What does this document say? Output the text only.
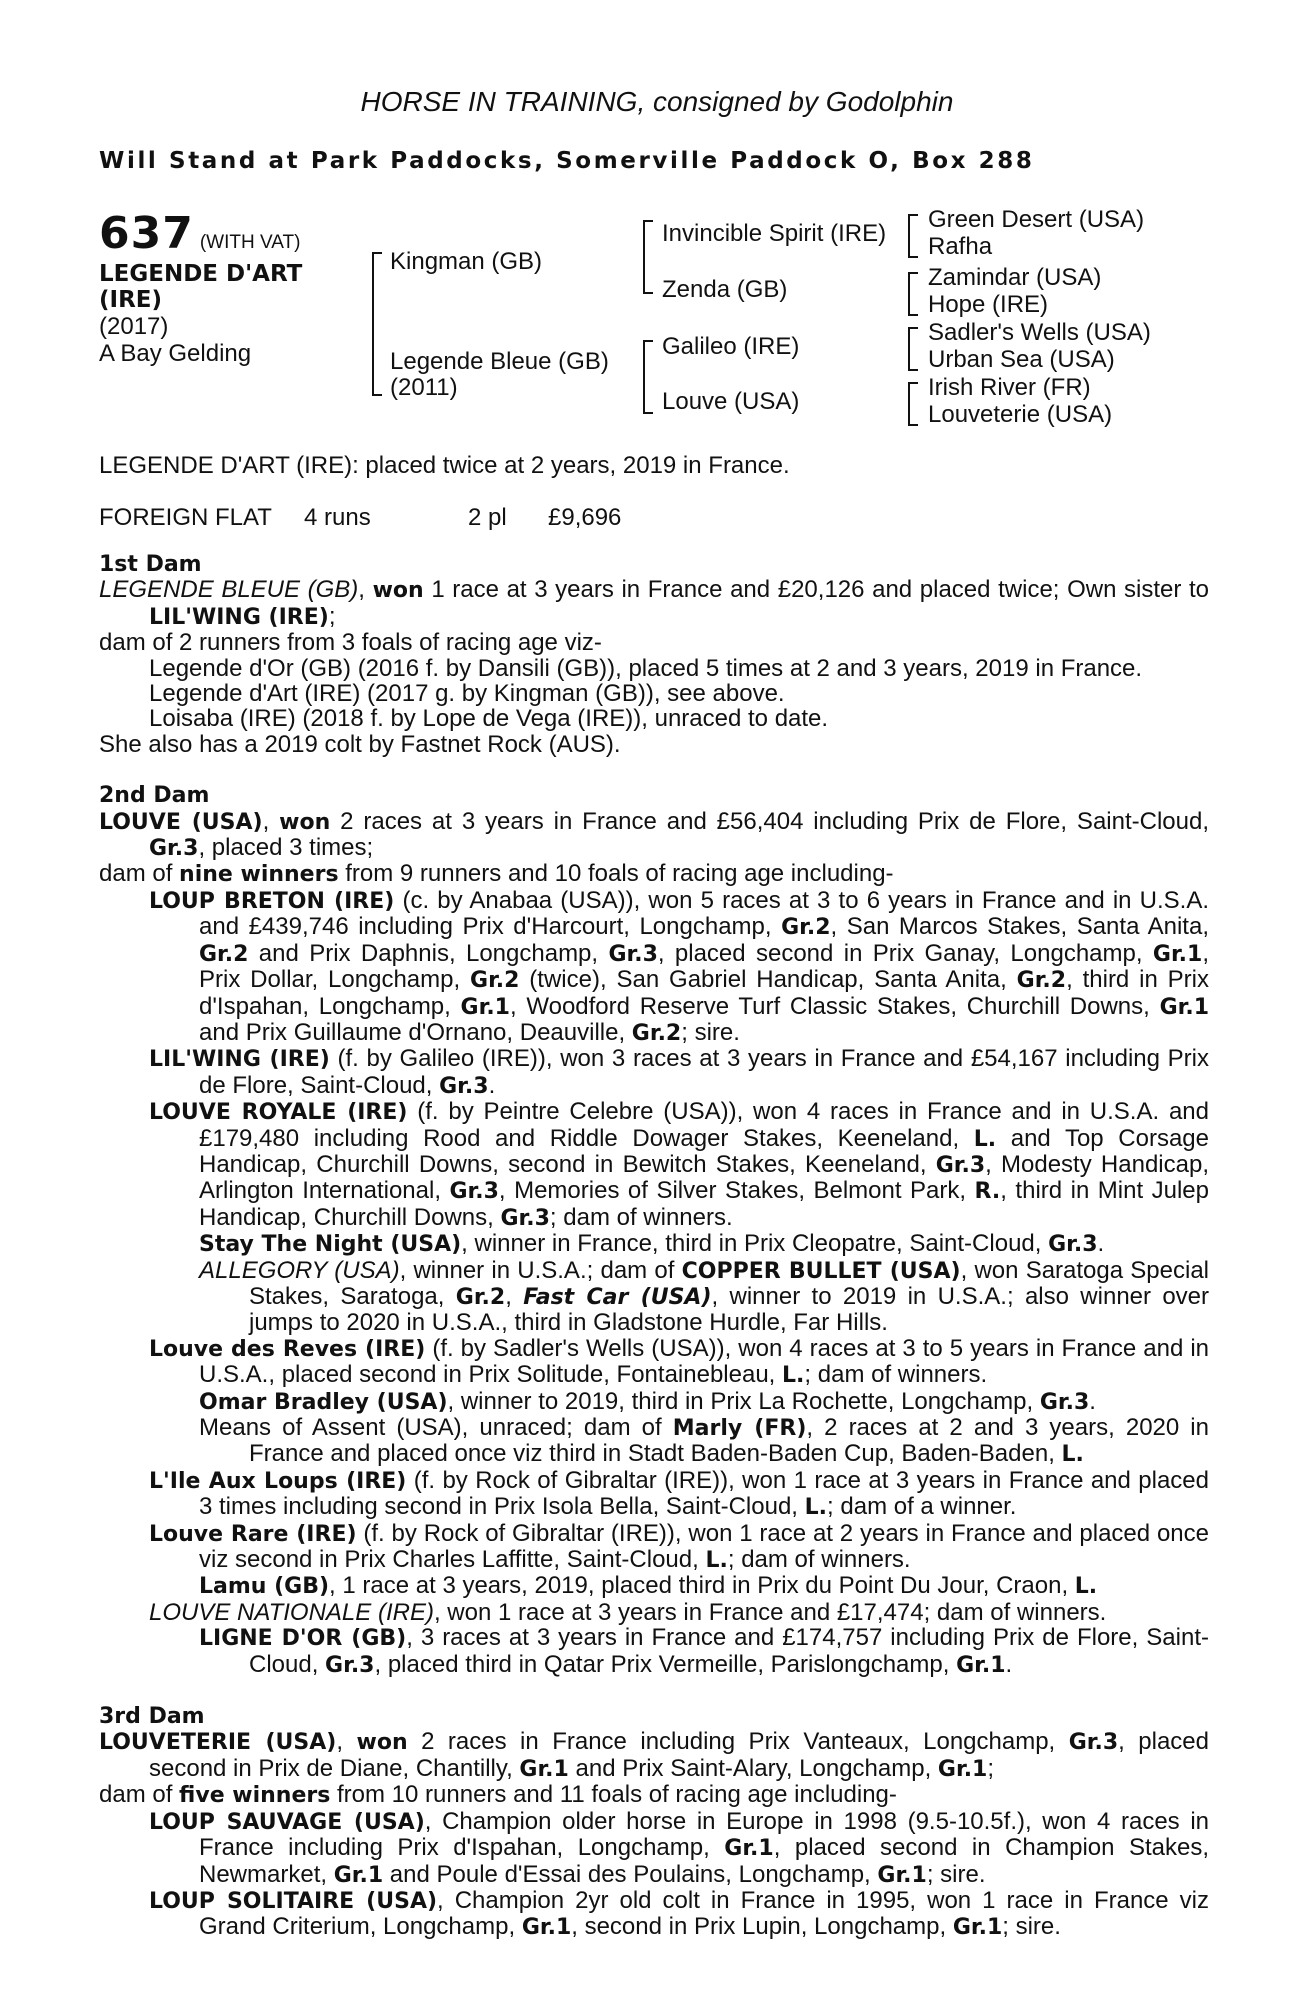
HORSE IN TRAINING, consigned by Godolphin
Will Stand at Park Paddocks, Somerville Paddock O, Box 288
637 (WITH VAT)
LEGENDE D'ART
(IRE)
(2017)
A Bay Gelding
Kingman (GB)
Legende Bleue (GB)
(2011)
Invincible Spirit (IRE)
Zenda (GB)
Galileo (IRE)
Louve (USA)
Green Desert (USA)
Rafha
Zamindar (USA)
Hope (IRE)
Sadler's Wells (USA)
Urban Sea (USA)
Irish River (FR)
Louveterie (USA)
LEGENDE D'ART (IRE): placed twice at 2 years, 2019 in France.
FOREIGN FLAT 4 runs	2 pl £9,696

1st Dam

LEGENDE BLEUE (GB), won 1 race at 3 years in France and £20,126 and placed twice; Own sister to LIL'WING (IRE);

dam of 2 runners from 3 foals of racing age viz-

Legende d'Or (GB) (2016 f. by Dansili (GB)), placed 5 times at 2 and 3 years, 2019 in France.

Legende d'Art (IRE) (2017 g. by Kingman (GB)), see above.

Loisaba (IRE) (2018 f. by Lope de Vega (IRE)), unraced to date.

She also has a 2019 colt by Fastnet Rock (AUS).

2nd Dam

LOUVE (USA), won 2 races at 3 years in France and £56,404 including Prix de Flore, Saint-Cloud, Gr.3, placed 3 times;

dam of nine winners from 9 runners and 10 foals of racing age including-

LOUP BRETON (IRE) (c. by Anabaa (USA)), won 5 races at 3 to 6 years in France and in U.S.A. and £439,746 including Prix d'Harcourt, Longchamp, Gr.2, San Marcos Stakes, Santa Anita, Gr.2 and Prix Daphnis, Longchamp, Gr.3, placed second in Prix Ganay, Longchamp, Gr.1, Prix Dollar, Longchamp, Gr.2 (twice), San Gabriel Handicap, Santa Anita, Gr.2, third in Prix d'Ispahan, Longchamp, Gr.1, Woodford Reserve Turf Classic Stakes, Churchill Downs, Gr.1 and Prix Guillaume d'Ornano, Deauville, Gr.2; sire.

LIL'WING (IRE) (f. by Galileo (IRE)), won 3 races at 3 years in France and £54,167 including Prix de Flore, Saint-Cloud, Gr.3.

LOUVE ROYALE (IRE) (f. by Peintre Celebre (USA)), won 4 races in France and in U.S.A. and £179,480 including Rood and Riddle Dowager Stakes, Keeneland, L. and Top Corsage Handicap, Churchill Downs, second in Bewitch Stakes, Keeneland, Gr.3, Modesty Handicap, Arlington International, Gr.3, Memories of Silver Stakes, Belmont Park, R., third in Mint Julep Handicap, Churchill Downs, Gr.3; dam of winners.

Stay The Night (USA), winner in France, third in Prix Cleopatre, Saint-Cloud, Gr.3.

ALLEGORY (USA), winner in U.S.A.; dam of COPPER BULLET (USA), won Saratoga Special Stakes, Saratoga, Gr.2, Fast Car (USA), winner to 2019 in U.S.A.; also winner over jumps to 2020 in U.S.A., third in Gladstone Hurdle, Far Hills.

Louve des Reves (IRE) (f. by Sadler's Wells (USA)), won 4 races at 3 to 5 years in France and in U.S.A., placed second in Prix Solitude, Fontainebleau, L.; dam of winners.

Omar Bradley (USA), winner to 2019, third in Prix La Rochette, Longchamp, Gr.3.

Means of Assent (USA), unraced; dam of Marly (FR), 2 races at 2 and 3 years, 2020 in France and placed once viz third in Stadt Baden-Baden Cup, Baden-Baden, L.

L'Ile Aux Loups (IRE) (f. by Rock of Gibraltar (IRE)), won 1 race at 3 years in France and placed 3 times including second in Prix Isola Bella, Saint-Cloud, L.; dam of a winner.

Louve Rare (IRE) (f. by Rock of Gibraltar (IRE)), won 1 race at 2 years in France and placed once viz second in Prix Charles Laffitte, Saint-Cloud, L.; dam of winners.

Lamu (GB), 1 race at 3 years, 2019, placed third in Prix du Point Du Jour, Craon, L.

LOUVE NATIONALE (IRE), won 1 race at 3 years in France and £17,474; dam of winners.

LIGNE D'OR (GB), 3 races at 3 years in France and £174,757 including Prix de Flore, Saint-Cloud, Gr.3, placed third in Qatar Prix Vermeille, Parislongchamp, Gr.1.

3rd Dam

LOUVETERIE (USA), won 2 races in France including Prix Vanteaux, Longchamp, Gr.3, placed second in Prix de Diane, Chantilly, Gr.1 and Prix Saint-Alary, Longchamp, Gr.1;

dam of five winners from 10 runners and 11 foals of racing age including-

LOUP SAUVAGE (USA), Champion older horse in Europe in 1998 (9.5-10.5f.), won 4 races in France including Prix d'Ispahan, Longchamp, Gr.1, placed second in Champion Stakes, Newmarket, Gr.1 and Poule d'Essai des Poulains, Longchamp, Gr.1; sire.

LOUP SOLITAIRE (USA), Champion 2yr old colt in France in 1995, won 1 race in France viz Grand Criterium, Longchamp, Gr.1, second in Prix Lupin, Longchamp, Gr.1; sire.
